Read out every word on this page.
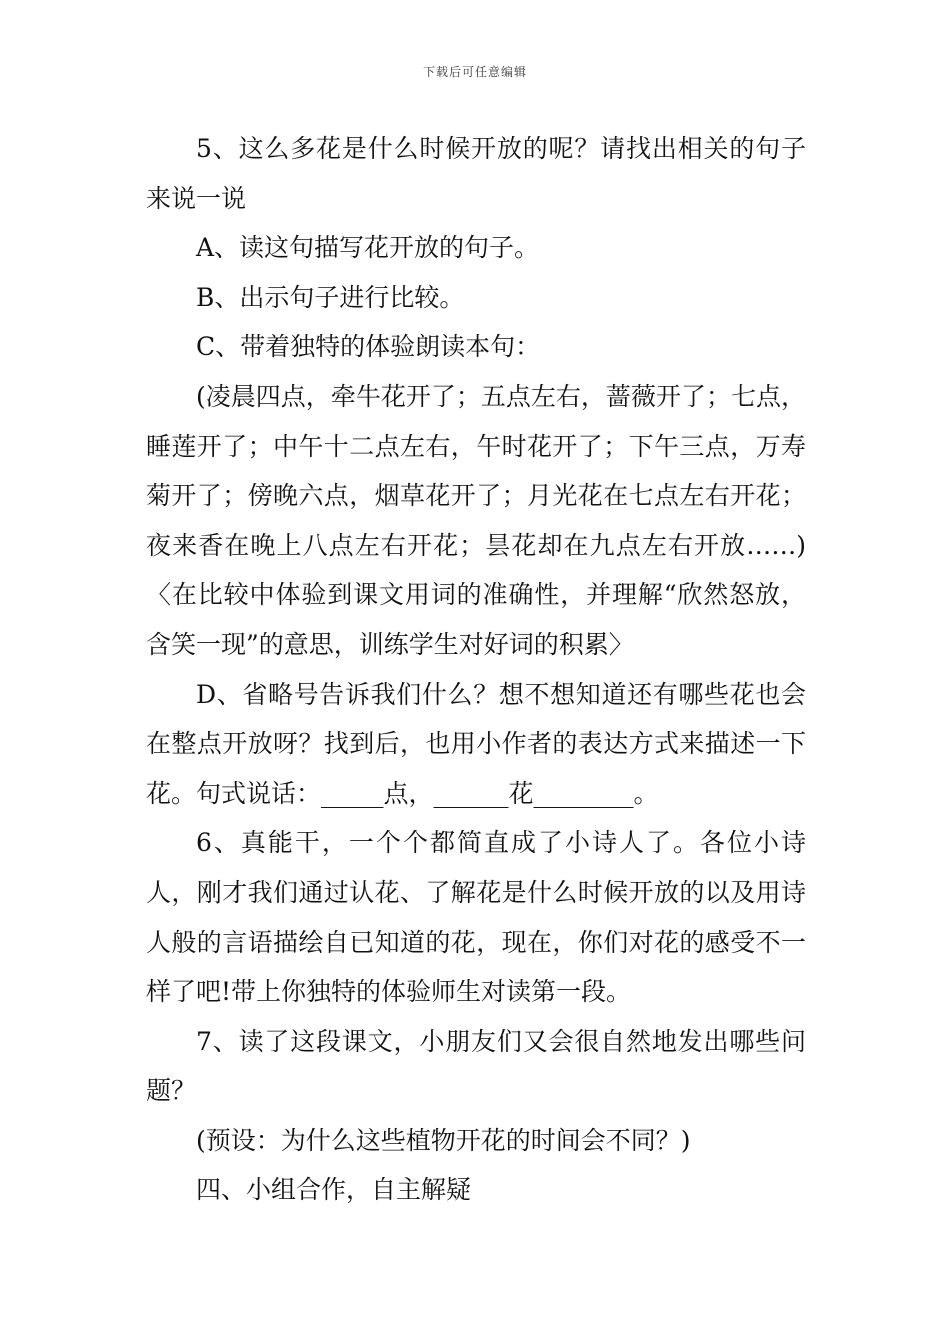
下载后可任意编辑

5、这么多花是什么时候开放的呢？请找出相关的句子来说一说

A、读这句描写花开放的句子。

B、出示句子进行比较。

C、带着独特的体验朗读本句：

(凌晨四点，牵牛花开了；五点左右，蔷薇开了；七点，睡莲开了；中午十二点左右，午时花开了；下午三点，万寿菊开了；傍晚六点，烟草花开了；月光花在七点左右开花；夜来香在晚上八点左右开花；昙花却在九点左右开放……)〈在比较中体验到课文用词的准确性，并理解“欣然怒放，含笑一现”的意思，训练学生对好词的积累〉

D、省略号告诉我们什么？想不想知道还有哪些花也会在整点开放呀？找到后，也用小作者的表达方式来描述一下花。句式说话：_____点，______花________。

6、真能干，一个个都简直成了小诗人了。各位小诗人，刚才我们通过认花、了解花是什么时候开放的以及用诗人般的言语描绘自已知道的花，现在，你们对花的感受不一样了吧!带上你独特的体验师生对读第一段。

7、读了这段课文，小朋友们又会很自然地发出哪些问题？

(预设：为什么这些植物开花的时间会不同？)

四、小组合作，自主解疑
